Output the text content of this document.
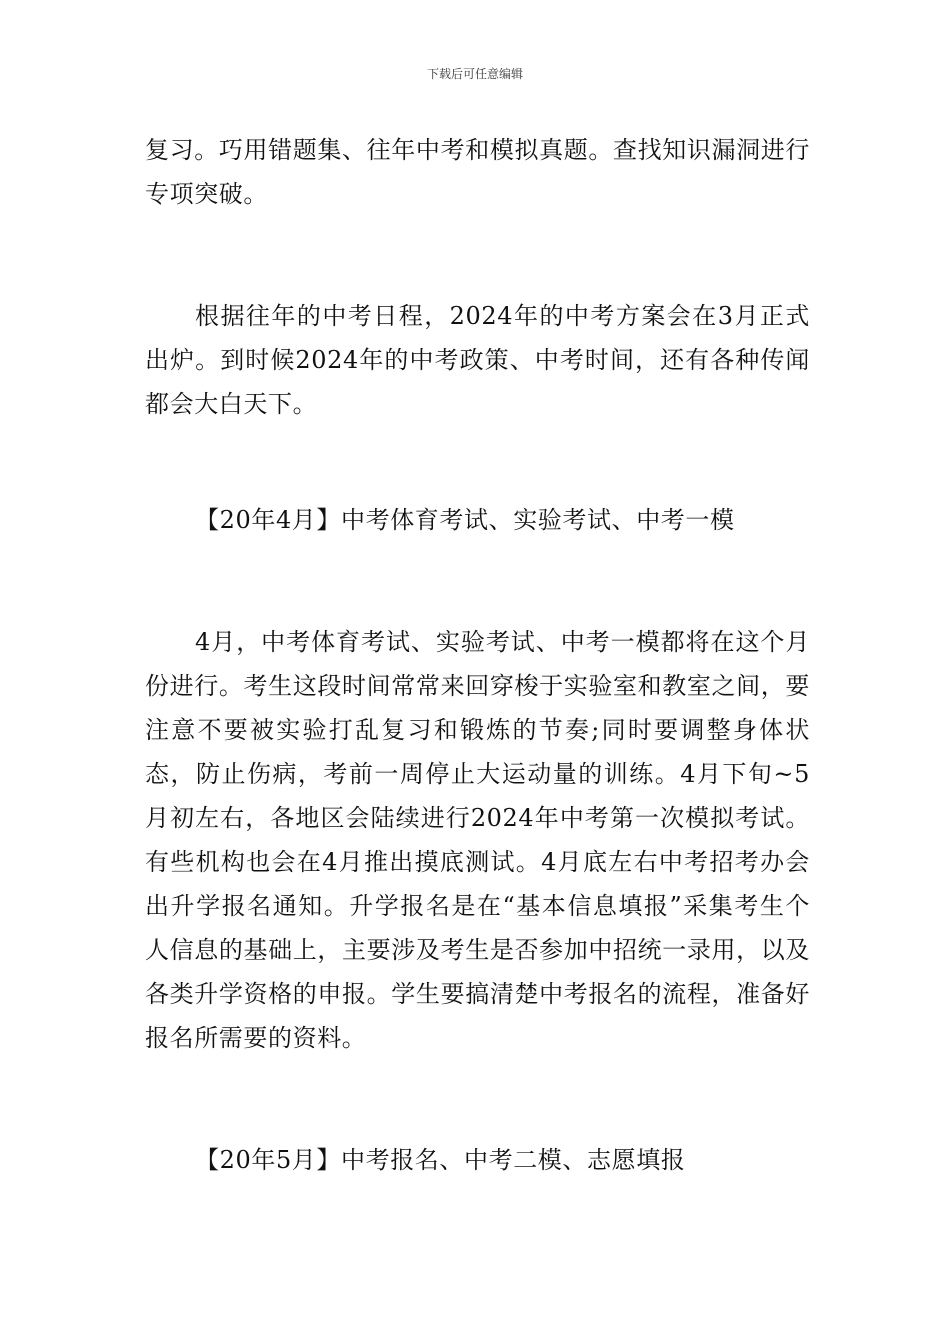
下载后可任意编辑

复习。巧用错题集、往年中考和模拟真题。查找知识漏洞进行专项突破。

根据往年的中考日程，2024年的中考方案会在3月正式出炉。到时候2024年的中考政策、中考时间，还有各种传闻都会大白天下。

【20年4月】中考体育考试、实验考试、中考一模

4月，中考体育考试、实验考试、中考一模都将在这个月份进行。考生这段时间常常来回穿梭于实验室和教室之间，要注意不要被实验打乱复习和锻炼的节奏;同时要调整身体状态，防止伤病，考前一周停止大运动量的训练。4月下旬~5月初左右，各地区会陆续进行2024年中考第一次模拟考试。有些机构也会在4月推出摸底测试。4月底左右中考招考办会出升学报名通知。升学报名是在“基本信息填报”采集考生个人信息的基础上，主要涉及考生是否参加中招统一录用，以及各类升学资格的申报。学生要搞清楚中考报名的流程，准备好报名所需要的资料。

【20年5月】中考报名、中考二模、志愿填报
